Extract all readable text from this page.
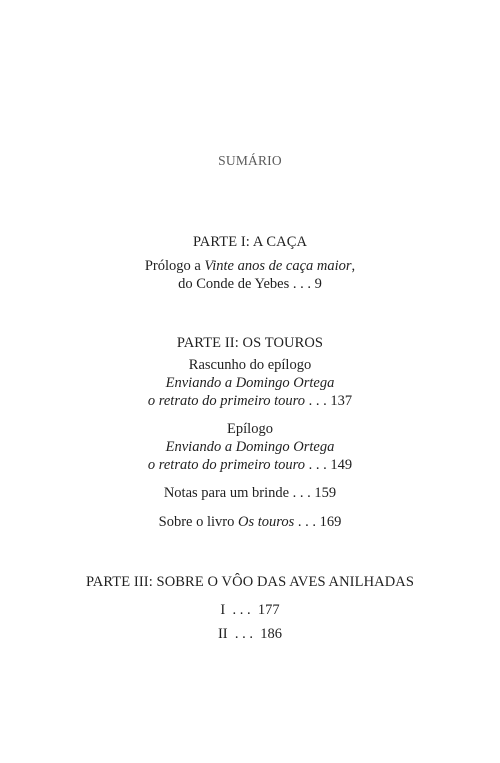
SUMÁRIO
PARTE I: A CAÇA
Prólogo a Vinte anos de caça maior,
do Conde de Yebes . . . 9
PARTE II: OS TOUROS
Rascunho do epílogo
Enviando a Domingo Ortega
o retrato do primeiro touro . . . 137
Epílogo
Enviando a Domingo Ortega
o retrato do primeiro touro . . . 149
Notas para um brinde . . . 159
Sobre o livro Os touros . . . 169
PARTE III: SOBRE O VÔO DAS AVES ANILHADAS
I  . . .  177
II  . . .  186
